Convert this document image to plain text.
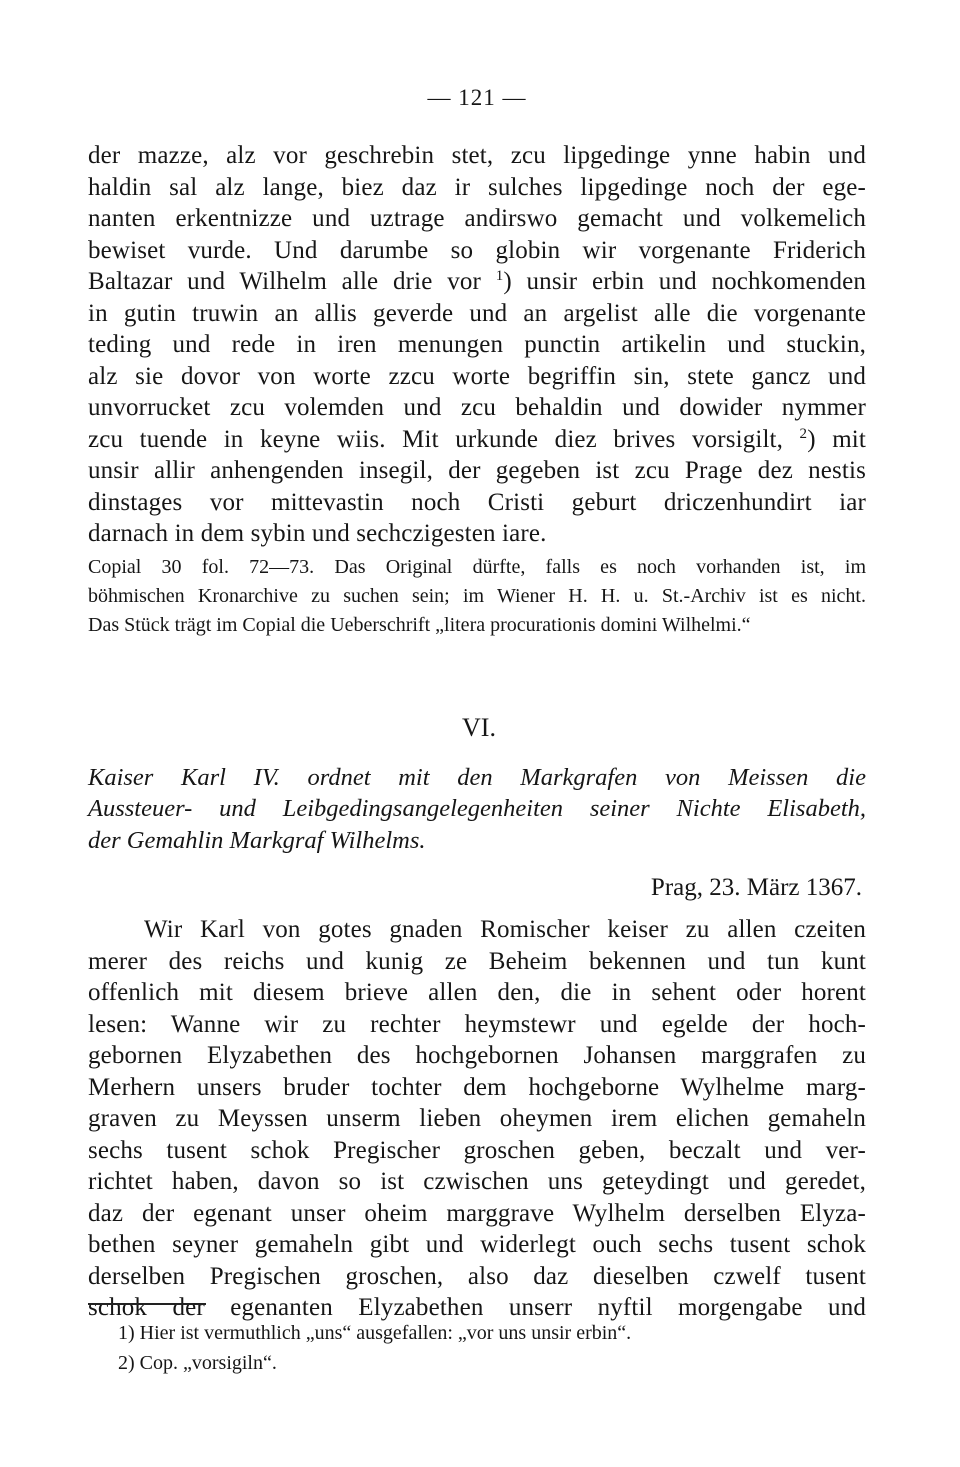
— 121 —
der mazze, alz vor geschrebin stet, zcu lipgedinge ynne habin und
haldin sal alz lange, biez daz ir sulches lipgedinge noch der ege-
nanten erkentnizze und uztrage andirswo gemacht und volkemelich
bewiset vurde. Und darumbe so globin wir vorgenante Friderich
Baltazar und Wilhelm alle drie vor $^1$) unsir erbin und nochkomenden
in gutin truwin an allis geverde und an argelist alle die vorgenante
teding und rede in iren menungen punctin artikelin und stuckin,
alz sie dovor von worte zzcu worte begriffin sin, stete gancz und
unvorrucket zcu volemden und zcu behaldin und dowider nymmer
zcu tuende in keyne wiis. Mit urkunde diez brives vorsigilt, $^2$) mit
unsir allir anhengenden insegil, der gegeben ist zcu Prage dez nestis
dinstages vor mittevastin noch Cristi geburt driczenhundirt iar
darnach in dem sybin und sechczigesten iare.
Copial 30 fol. 72—73. Das Original dürfte, falls es noch vorhanden ist, im
böhmischen Kronarchive zu suchen sein; im Wiener H. H. u. St.-Archiv ist es nicht.
Das Stück trägt im Copial die Ueberschrift „litera procurationis domini Wilhelmi.“
VI.
Kaiser Karl IV. ordnet mit den Markgrafen von Meissen die
Aussteuer- und Leibgedingsangelegenheiten seiner Nichte Elisabeth,
der Gemahlin Markgraf Wilhelms.
Prag, 23. März 1367.
Wir Karl von gotes gnaden Romischer keiser zu allen czeiten
merer des reichs und kunig ze Beheim bekennen und tun kunt
offenlich mit diesem brieve allen den, die in sehent oder horent
lesen: Wanne wir zu rechter heymstewr und egelde der hoch-
gebornen Elyzabethen des hochgebornen Johansen marggrafen zu
Merhern unsers bruder tochter dem hochgeborne Wylhelme marg-
graven zu Meyssen unserm lieben oheymen irem elichen gemaheln
sechs tusent schok Pregischer groschen geben, beczalt und ver-
richtet haben, davon so ist czwischen uns geteydingt und geredet,
daz der egenant unser oheim marggrave Wylhelm derselben Elyza-
bethen seyner gemaheln gibt und widerlegt ouch sechs tusent schok
derselben Pregischen groschen, also daz dieselben czwelf tusent
schok der egenanten Elyzabethen unserr nyftil morgengabe und
1) Hier ist vermuthlich „uns“ ausgefallen: „vor uns unsir erbin“.
2) Cop. „vorsigiln“.
